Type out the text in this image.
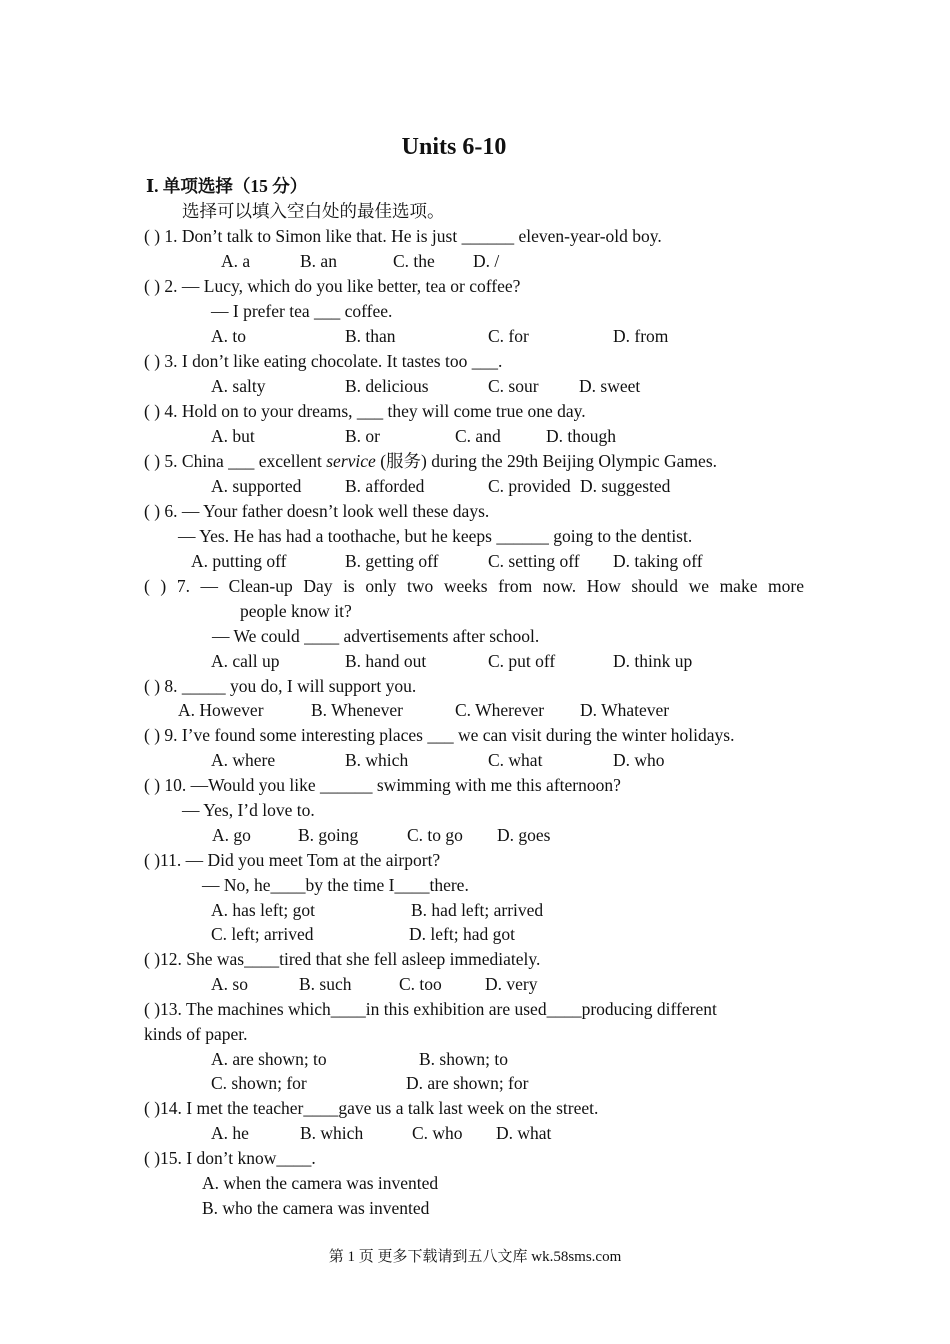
Units 6-10
Ⅰ. 单项选择（15 分）
选择可以填入空白处的最佳选项。
( ) 1. Don’t talk to Simon like that. He is just ______ eleven-year-old boy.
A. a	B. an	C. the D. /
( ) 2. — Lucy, which do you like better, tea or coffee?
— I prefer tea ___ coffee.
A. to	B. than	C. for	D. from
( ) 3. I don’t like eating chocolate. It tastes too ___.
A. salty	B. delicious	C. sour D. sweet
( ) 4. Hold on to your dreams, ___ they will come true one day.
A. but	B. or	C. and	D. though
( ) 5. China ___ excellent service (服务) during the 29th Beijing Olympic Games.
A. supported B. afforded	C. provided D. suggested
( ) 6. — Your father doesn’t look well these days.
— Yes. He has had a toothache, but he keeps ______ going to the dentist.
A. putting off	B. getting off	C. setting off D. taking off
( ) 7. — Clean-up Day is only two weeks from now. How should we make more
people know it?
— We could ____ advertisements after school.
A. call up	B. hand out	C. put off	D. think up
( ) 8. _____ you do, I will support you.
A. However	B. Whenever	C. Wherever D. Whatever
( ) 9. I’ve found some interesting places ___ we can visit during the winter holidays.
A. where	B. which	C. what	D. who
( ) 10. —Would you like ______ swimming with me this afternoon?
— Yes, I’d love to.
A. go	B. going	C. to go D. goes
( )11. — Did you meet Tom at the airport?
— No, he____by the time I____there.
A. has left; got	B. had left; arrived
C. left; arrived	D. left; had got
( )12. She was____tired that she fell asleep immediately.
A. so	B. such	C. too D. very
( )13. The machines which____in this exhibition are used____producing different
kinds of paper.
A. are shown; to	B. shown; to
C. shown; for	D. are shown; for
( )14. I met the teacher____gave us a talk last week on the street.
A. he	B. which	C. who D. what
( )15. I don’t know____.
A. when the camera was invented
B. who the camera was invented
第 1 页 更多下载请到五八文库 wk.58sms.com
